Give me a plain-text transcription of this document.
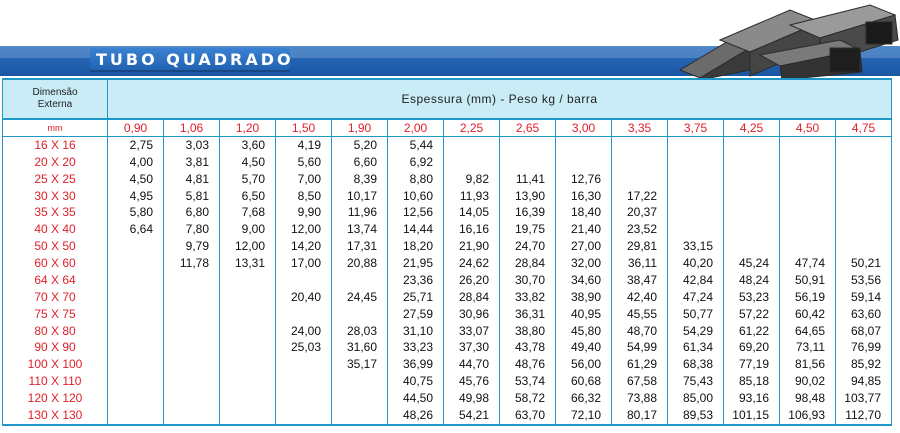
TUBO QUADRADO
Dimensão
Externa	Espessura (mm) - Peso kg / barra													
mm	0,90	1,06	1,20	1,50	1,90	2,00	2,25	2,65	3,00	3,35	3,75	4,25	4,50	4,75
16 X 16	2,75	3,03	3,60	4,19	5,20	5,44								
20 X 20	4,00	3,81	4,50	5,60	6,60	6,92								
25 X 25	4,50	4,81	5,70	7,00	8,39	8,80	9,82	11,41	12,76					
30 X 30	4,95	5,81	6,50	8,50	10,17	10,60	11,93	13,90	16,30	17,22				
35 X 35	5,80	6,80	7,68	9,90	11,96	12,56	14,05	16,39	18,40	20,37				
40 X 40	6,64	7,80	9,00	12,00	13,74	14,44	16,16	19,75	21,40	23,52				
50 X 50		9,79	12,00	14,20	17,31	18,20	21,90	24,70	27,00	29,81	33,15			
60 X 60		11,78	13,31	17,00	20,88	21,95	24,62	28,84	32,00	36,11	40,20	45,24	47,74	50,21
64 X 64						23,36	26,20	30,70	34,60	38,47	42,84	48,24	50,91	53,56
70 X 70				20,40	24,45	25,71	28,84	33,82	38,90	42,40	47,24	53,23	56,19	59,14
75 X 75						27,59	30,96	36,31	40,95	45,55	50,77	57,22	60,42	63,60
80 X 80				24,00	28,03	31,10	33,07	38,80	45,80	48,70	54,29	61,22	64,65	68,07
90 X 90				25,03	31,60	33,23	37,30	43,78	49,40	54,99	61,34	69,20	73,11	76,99
100 X 100					35,17	36,99	44,70	48,76	56,00	61,29	68,38	77,19	81,56	85,92
110 X 110						40,75	45,76	53,74	60,68	67,58	75,43	85,18	90,02	94,85
120 X 120						44,50	49,98	58,72	66,32	73,88	85,00	93,16	98,48	103,77
130 X 130						48,26	54,21	63,70	72,10	80,17	89,53	101,15	106,93	112,70
